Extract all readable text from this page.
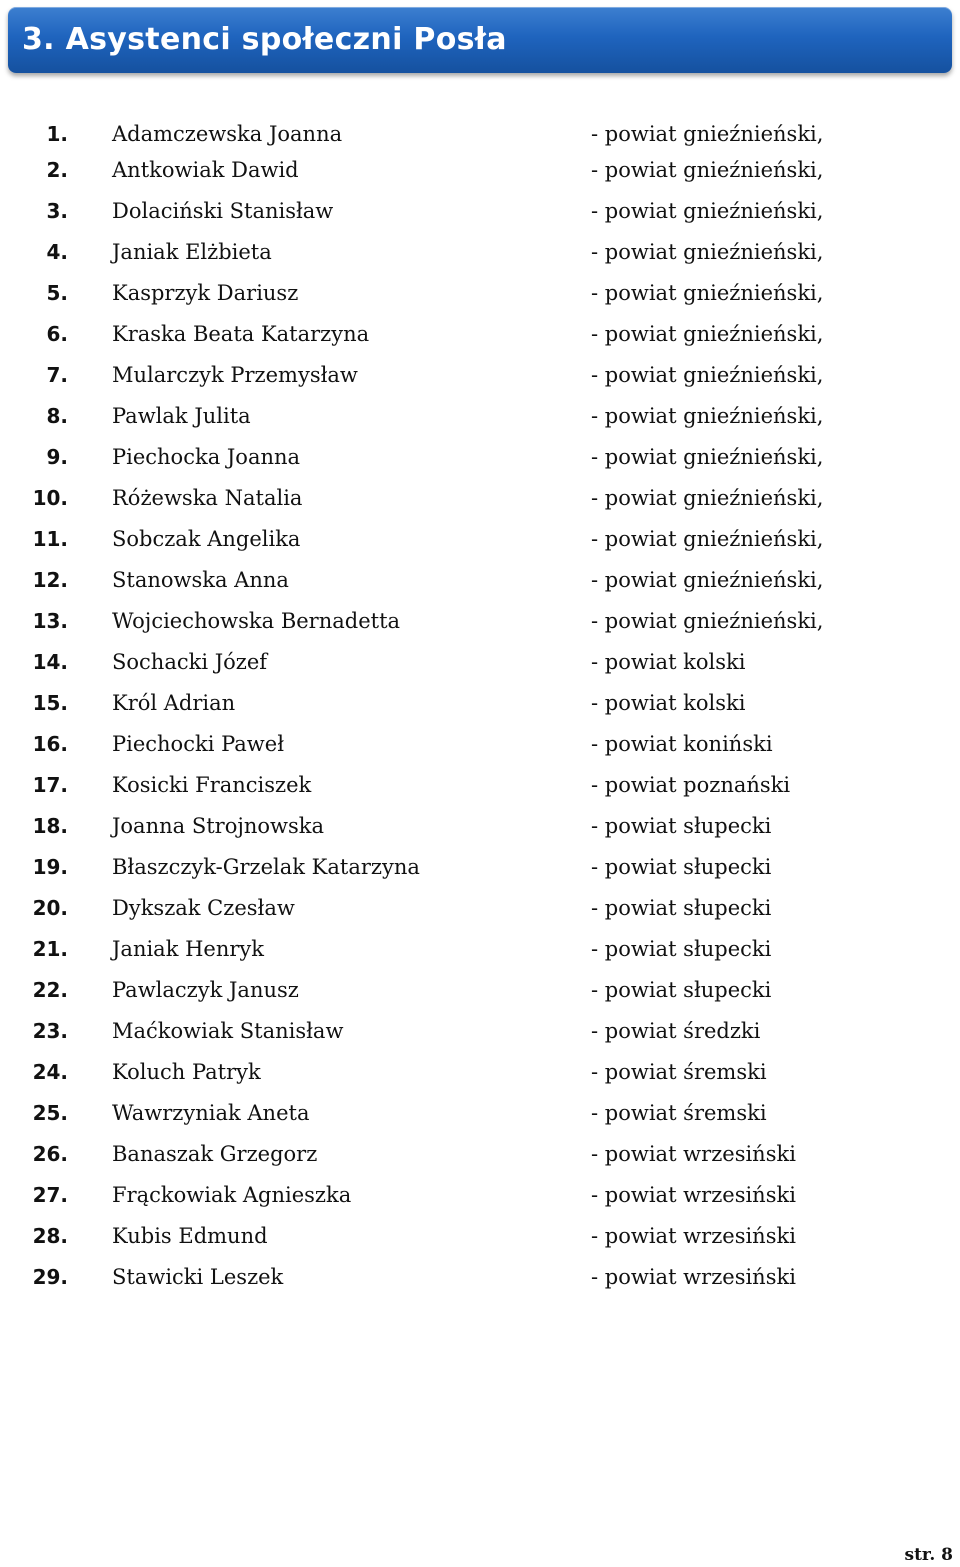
3. Asystenci społeczni Posła
1. Adamczewska Joanna	- powiat gnieźnieński,
2. Antkowiak Dawid	- powiat gnieźnieński,
3. Dolaciński Stanisław	- powiat gnieźnieński,
4. Janiak Elżbieta	- powiat gnieźnieński,
5. Kasprzyk Dariusz	- powiat gnieźnieński,
6. Kraska Beata Katarzyna	- powiat gnieźnieński,
7. Mularczyk Przemysław	- powiat gnieźnieński,
8. Pawlak Julita	- powiat gnieźnieński,
9. Piechocka Joanna	- powiat gnieźnieński,
10. Różewska Natalia	- powiat gnieźnieński,
11. Sobczak Angelika	- powiat gnieźnieński,
12. Stanowska Anna	- powiat gnieźnieński,
13. Wojciechowska Bernadetta	- powiat gnieźnieński,
14. Sochacki Józef	- powiat kolski
15. Król Adrian	- powiat kolski
16. Piechocki Paweł	- powiat koniński
17. Kosicki Franciszek	- powiat poznański
18. Joanna Strojnowska	- powiat słupecki
19. Błaszczyk-Grzelak Katarzyna	- powiat słupecki
20. Dykszak Czesław	- powiat słupecki
21. Janiak Henryk	- powiat słupecki
22. Pawlaczyk Janusz	- powiat słupecki
23. Maćkowiak Stanisław	- powiat średzki
24. Koluch Patryk	- powiat śremski
25. Wawrzyniak Aneta	- powiat śremski
26. Banaszak Grzegorz	- powiat wrzesiński
27. Frąckowiak Agnieszka	- powiat wrzesiński
28. Kubis Edmund	- powiat wrzesiński
29. Stawicki Leszek	- powiat wrzesiński
str. 8
